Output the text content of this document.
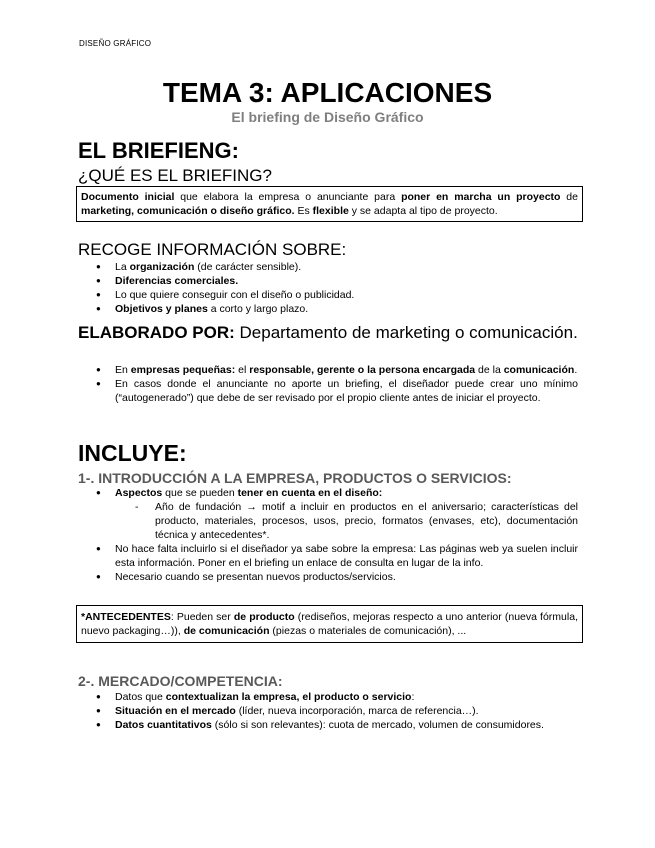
DISEÑO GRÁFICO
TEMA 3: APLICACIONES
El briefing de Diseño Gráfico
EL BRIEFIENG:
¿QUÉ ES EL BRIEFING?
Documento inicial que elabora la empresa o anunciante para poner en marcha un proyecto de marketing, comunicación o diseño gráfico. Es flexible y se adapta al tipo de proyecto.
RECOGE INFORMACIÓN SOBRE:
● La organización (de carácter sensible).
● Diferencias comerciales.
● Lo que quiere conseguir con el diseño o publicidad.
● Objetivos y planes a corto y largo plazo.
ELABORADO POR: Departamento de marketing o comunicación.
● En empresas pequeñas: el responsable, gerente o la persona encargada de la comunicación.
● En casos donde el anunciante no aporte un briefing, el diseñador puede crear uno mínimo (“autogenerado”) que debe de ser revisado por el propio cliente antes de iniciar el proyecto.
INCLUYE:
1-. INTRODUCCIÓN A LA EMPRESA, PRODUCTOS O SERVICIOS:
● Aspectos que se pueden tener en cuenta en el diseño:
- Año de fundación → motif a incluir en productos en el aniversario; características del producto, materiales, procesos, usos, precio, formatos (envases, etc), documentación técnica y antecedentes*.
● No hace falta incluirlo si el diseñador ya sabe sobre la empresa: Las páginas web ya suelen incluir esta información. Poner en el briefing un enlace de consulta en lugar de la info.
● Necesario cuando se presentan nuevos productos/servicios.
*ANTECEDENTES: Pueden ser de producto (rediseños, mejoras respecto a uno anterior (nueva fórmula, nuevo packaging…)), de comunicación (piezas o materiales de comunicación), ...
2-. MERCADO/COMPETENCIA:
● Datos que contextualizan la empresa, el producto o servicio:
● Situación en el mercado (líder, nueva incorporación, marca de referencia…).
● Datos cuantitativos (sólo si son relevantes): cuota de mercado, volumen de consumidores.
